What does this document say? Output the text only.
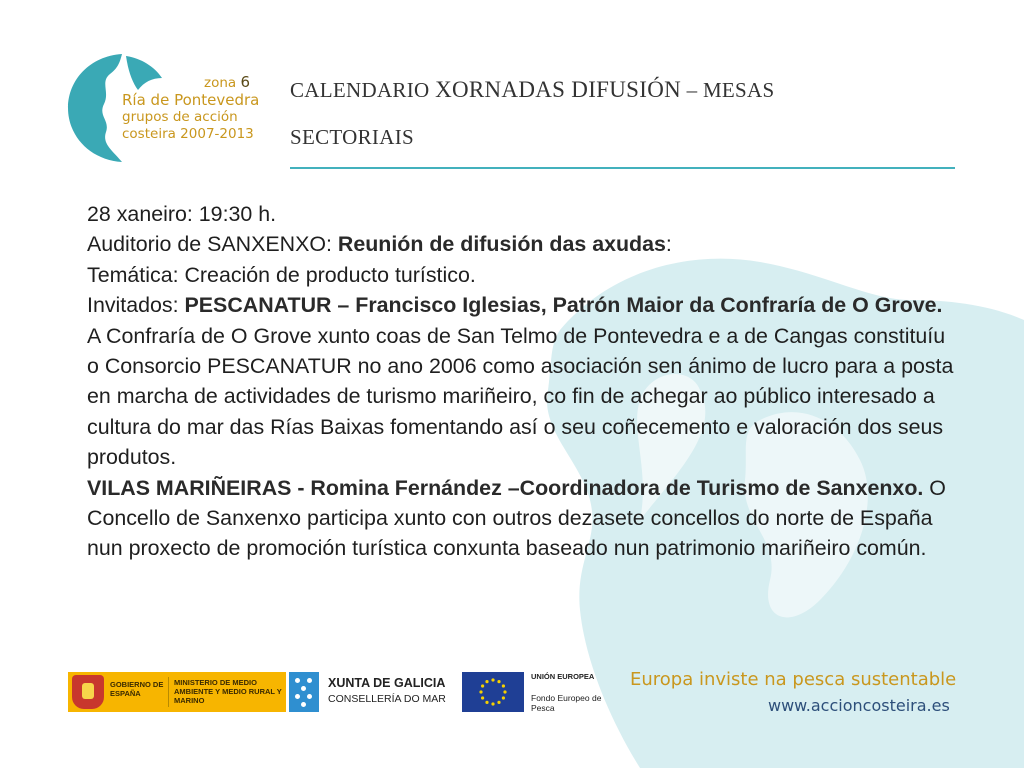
zona 6
Ría de Pontevedra
grupos de acción
costeira 2007-2013
CALENDARIO XORNADAS DIFUSIÓN – MESAS
SECTORIAIS

28 xaneiro: 19:30 h.

Auditorio de SANXENXO: Reunión de difusión das axudas:

Temática: Creación de producto turístico.

Invitados: PESCANATUR – Francisco Iglesias, Patrón Maior da Confraría de O Grove. A Confraría de O Grove xunto coas de San Telmo de Pontevedra e a de Cangas constituíu o Consorcio PESCANATUR no ano 2006 como asociación sen ánimo de lucro para a posta en marcha de actividades de turismo mariñeiro, co fin de achegar ao público interesado a cultura do mar das Rías Baixas fomentando así o seu coñecemento e valoración dos seus produtos.

VILAS MARIÑEIRAS - Romina Fernández –Coordinadora de Turismo de Sanxenxo. O Concello de Sanxenxo participa xunto con outros dezasete concellos do norte de España nun proxecto de promoción turística conxunta baseado nun patrimonio mariñeiro común.

GOBIERNO DE ESPAÑA
MINISTERIO DE MEDIO AMBIENTE Y MEDIO RURAL Y MARINO
XUNTA DE GALICIA
CONSELLERÍA DO MAR
UNIÓN EUROPEA
Fondo Europeo de Pesca
Europa inviste na pesca sustentable
www.accioncosteira.es
